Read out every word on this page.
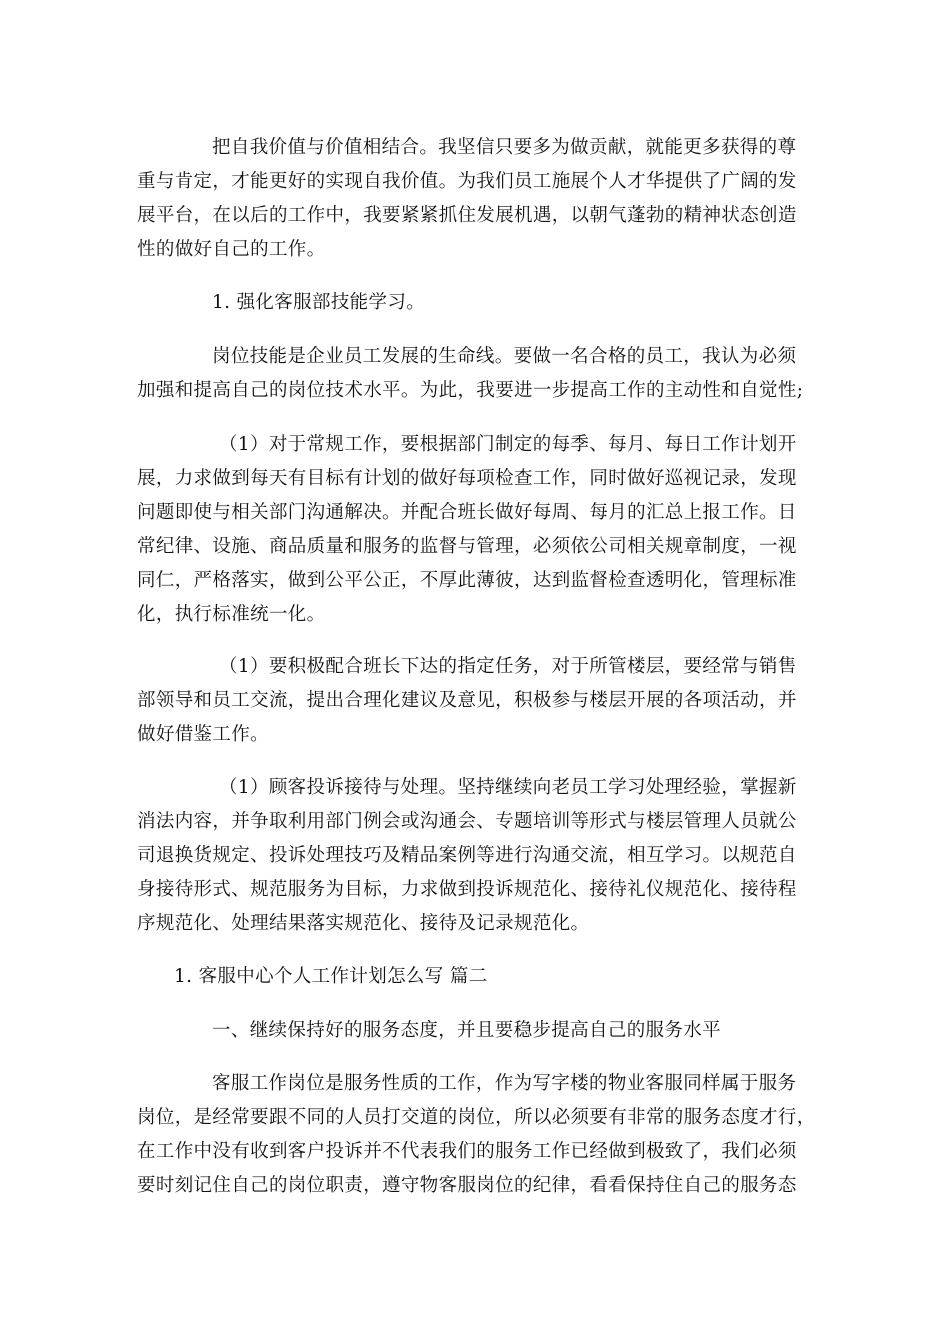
把自我价值与价值相结合。我坚信只要多为做贡献，就能更多获得的尊
重与肯定，才能更好的实现自我价值。为我们员工施展个人才华提供了广阔的发
展平台，在以后的工作中，我要紧紧抓住发展机遇，以朝气蓬勃的精神状态创造
性的做好自己的工作。
1. 强化客服部技能学习。
岗位技能是企业员工发展的生命线。要做一名合格的员工，我认为必须
加强和提高自己的岗位技术水平。为此，我要进一步提高工作的主动性和自觉性;
（1）对于常规工作，要根据部门制定的每季、每月、每日工作计划开
展，力求做到每天有目标有计划的做好每项检查工作，同时做好巡视记录，发现
问题即使与相关部门沟通解决。并配合班长做好每周、每月的汇总上报工作。日
常纪律、设施、商品质量和服务的监督与管理，必须依公司相关规章制度，一视
同仁，严格落实，做到公平公正，不厚此薄彼，达到监督检查透明化，管理标准
化，执行标准统一化。
（1）要积极配合班长下达的指定任务，对于所管楼层，要经常与销售
部领导和员工交流，提出合理化建议及意见，积极参与楼层开展的各项活动，并
做好借鉴工作。
（1）顾客投诉接待与处理。坚持继续向老员工学习处理经验，掌握新
消法内容，并争取利用部门例会或沟通会、专题培训等形式与楼层管理人员就公
司退换货规定、投诉处理技巧及精品案例等进行沟通交流，相互学习。以规范自
身接待形式、规范服务为目标，力求做到投诉规范化、接待礼仪规范化、接待程
序规范化、处理结果落实规范化、接待及记录规范化。
1. 客服中心个人工作计划怎么写 篇二
一、继续保持好的服务态度，并且要稳步提高自己的服务水平
客服工作岗位是服务性质的工作，作为写字楼的物业客服同样属于服务
岗位，是经常要跟不同的人员打交道的岗位，所以必须要有非常的服务态度才行，
在工作中没有收到客户投诉并不代表我们的服务工作已经做到极致了，我们必须
要时刻记住自己的岗位职责，遵守物客服岗位的纪律，看看保持住自己的服务态
